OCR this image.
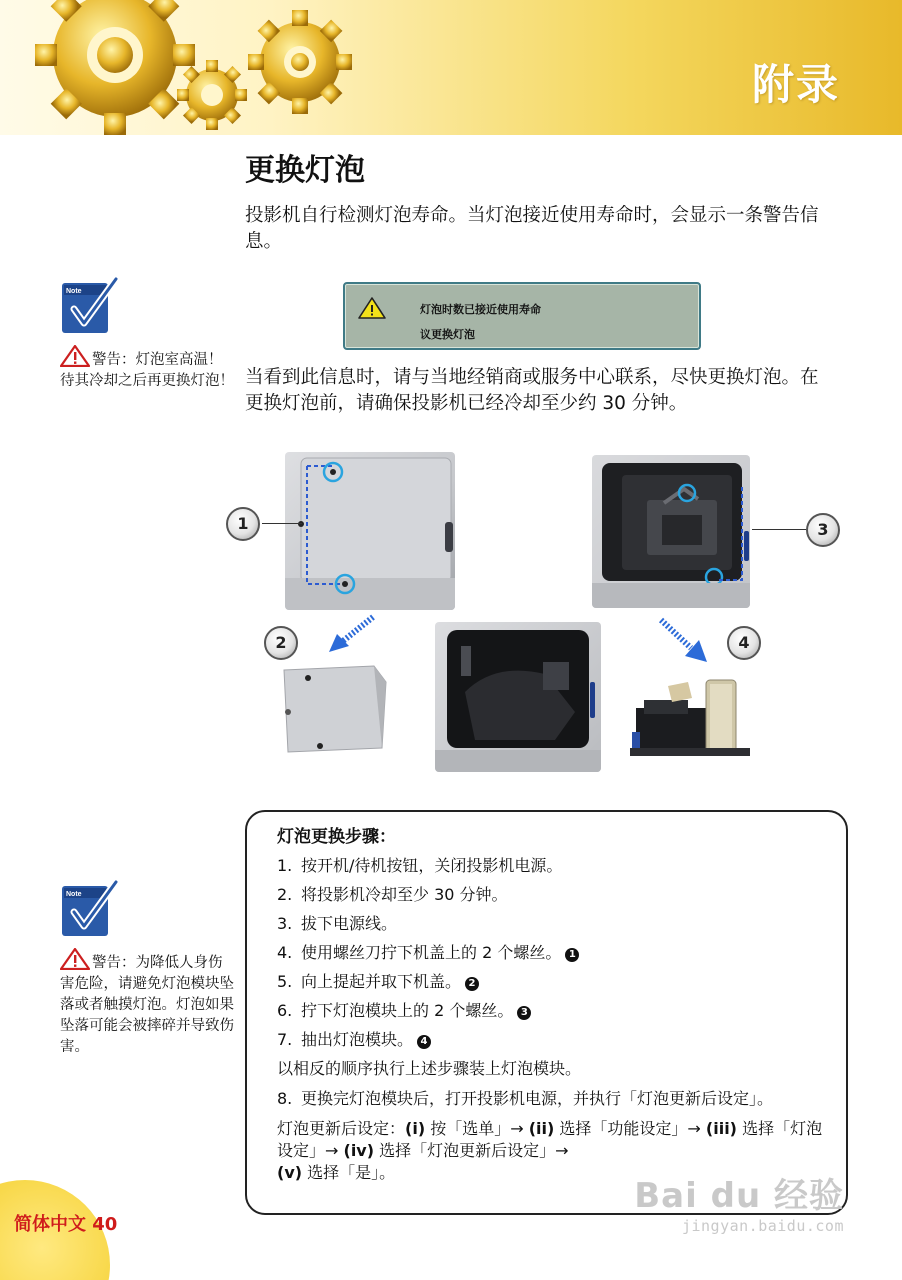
附录
更换灯泡

投影机自行检测灯泡寿命。当灯泡接近使用寿命时，会显示一条警告信息。

Note
警告：灯泡室高温！待其冷却之后再更换灯泡！
灯泡时数已接近使用寿命
议更换灯泡

当看到此信息时，请与当地经销商或服务中心联系，尽快更换灯泡。在更换灯泡前，请确保投影机已经冷却至少约 30 分钟。

1	3
2	4
Note
警告：为降低人身伤害危险，请避免灯泡模块坠落或者触摸灯泡。灯泡如果坠落可能会被摔碎并导致伤害。
灯泡更换步骤：
1. 按开机/待机按钮，关闭投影机电源。
2. 将投影机冷却至少 30 分钟。
3. 拔下电源线。
4. 使用螺丝刀拧下机盖上的 2 个螺丝。 1
5. 向上提起并取下机盖。 2
6. 拧下灯泡模块上的 2 个螺丝。 3
7. 抽出灯泡模块。 4

以相反的顺序执行上述步骤装上灯泡模块。

8. 更换完灯泡模块后，打开投影机电源，并执行「灯泡更新后设定」。

灯泡更新后设定：(i) 按「选单」→ (ii) 选择「功能设定」→ (iii) 选择「灯泡设定」→ (iv) 选择「灯泡更新后设定」→
(v) 选择「是」。

简体中文 40
Bai du 经验
jingyan.baidu.com
